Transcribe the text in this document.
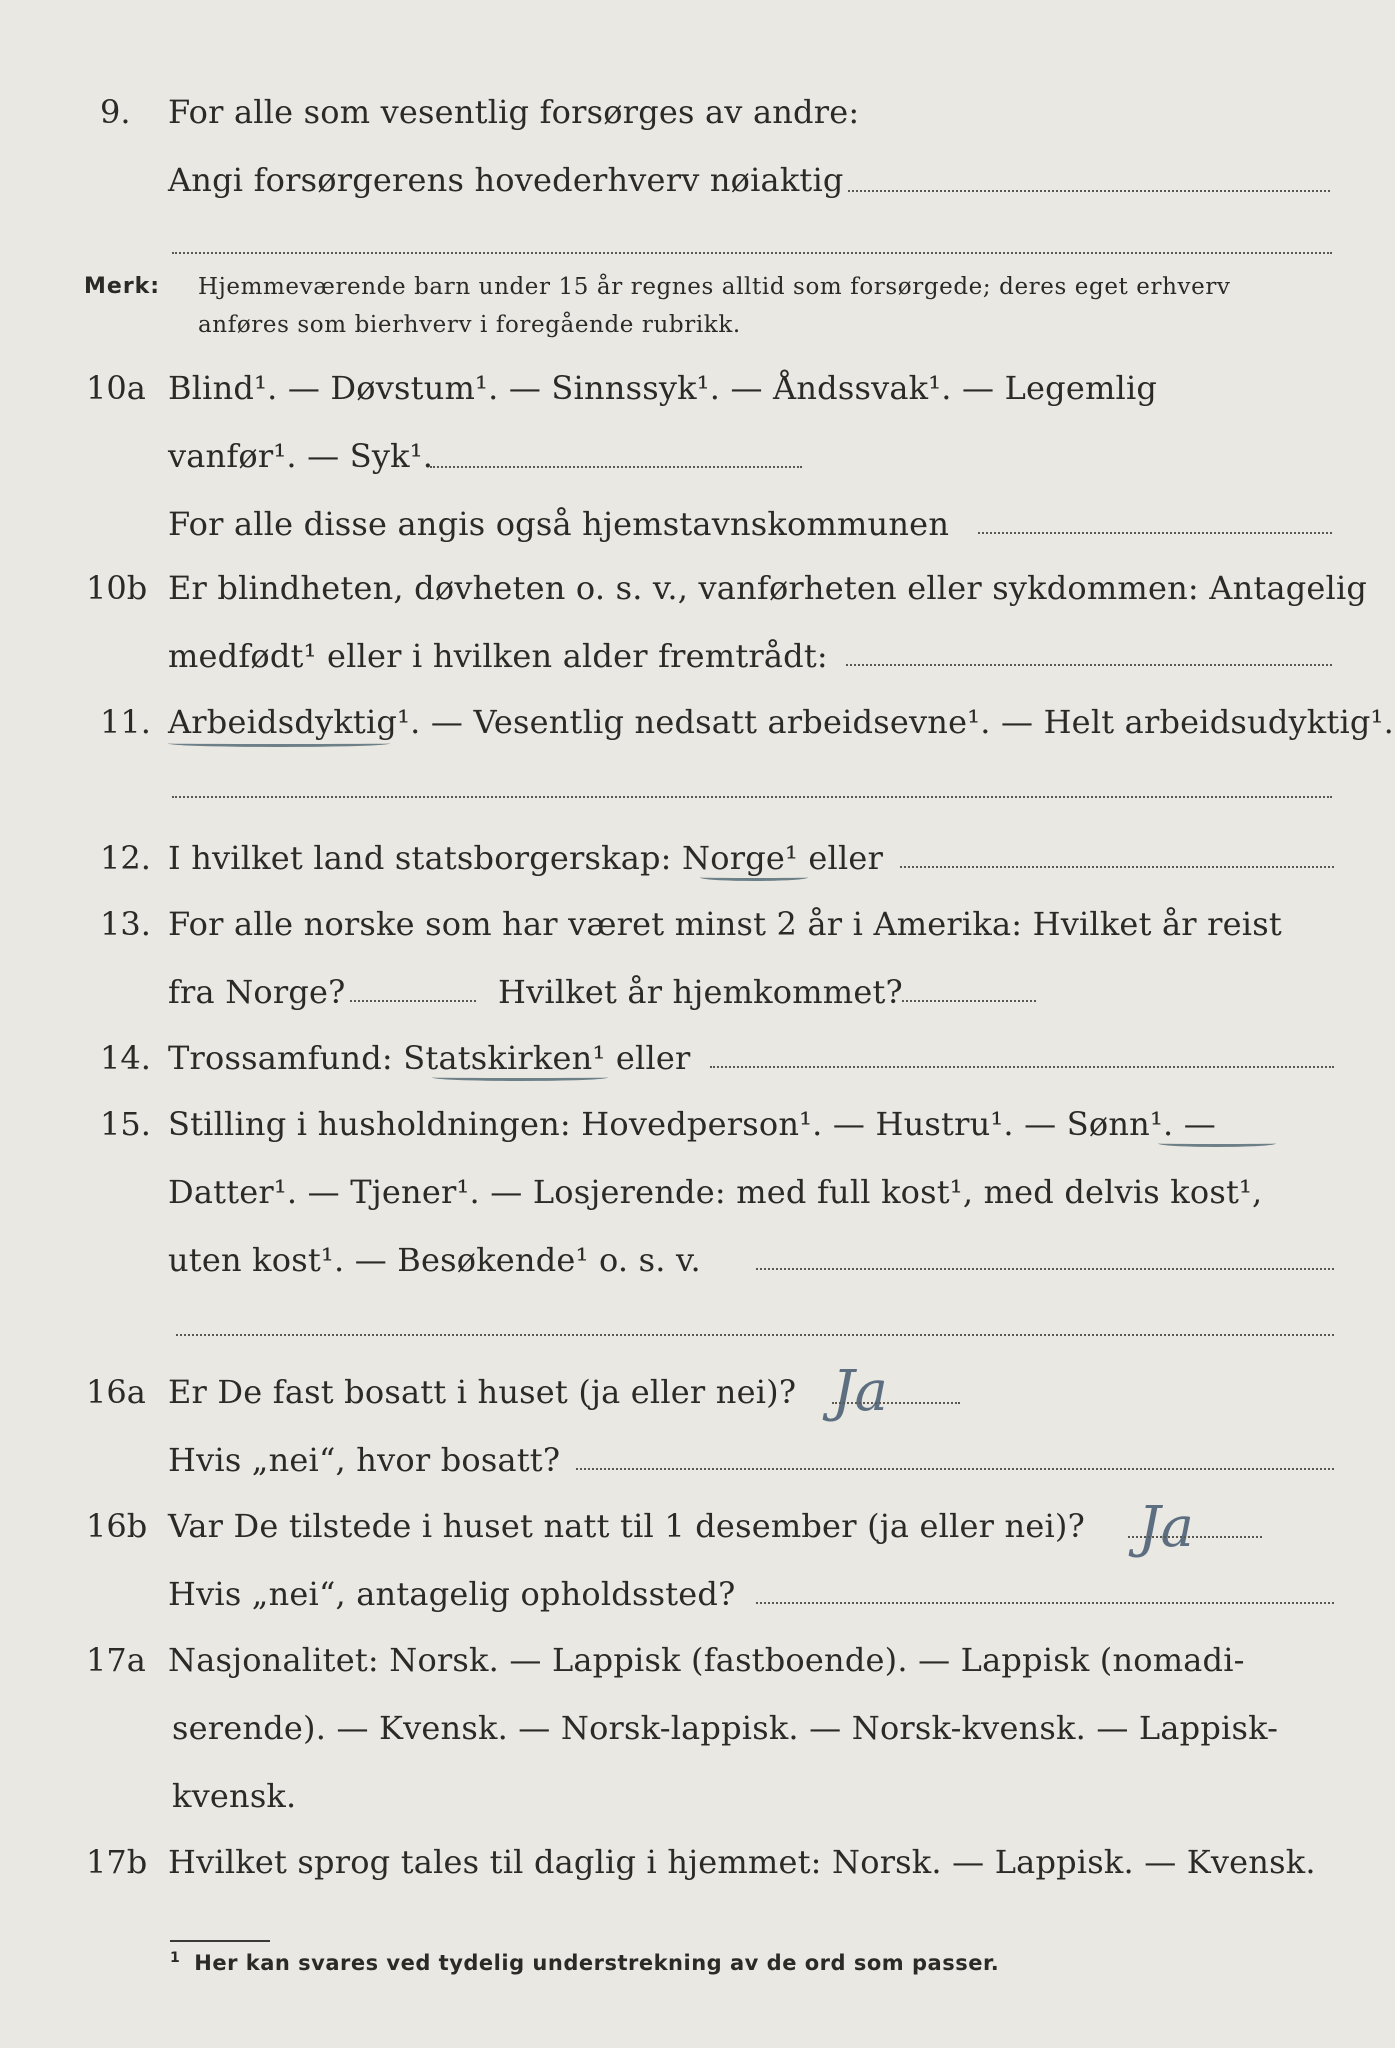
9. For alle som vesentlig forsørges av andre:
Angi forsørgerens hovederhverv nøiaktig
Merk: Hjemmeværende barn under 15 år regnes alltid som forsørgede; deres eget erhverv
anføres som bierhverv i foregående rubrikk.
10a Blind¹. — Døvstum¹. — Sinnssyk¹. — Åndssvak¹. — Legemlig
vanfør¹. — Syk¹.
For alle disse angis også hjemstavnskommunen
10b Er blindheten, døvheten o. s. v., vanførheten eller sykdommen: Antagelig
medfødt¹ eller i hvilken alder fremtrådt:
11. Arbeidsdyktig¹. — Vesentlig nedsatt arbeidsevne¹. — Helt arbeidsudyktig¹.
12. I hvilket land statsborgerskap: Norge¹ eller
13. For alle norske som har været minst 2 år i Amerika: Hvilket år reist
fra Norge?	Hvilket år hjemkommet?
14. Trossamfund: Statskirken¹ eller
15. Stilling i husholdningen: Hovedperson¹. — Hustru¹. — Sønn¹. —
Datter¹. — Tjener¹. — Losjerende: med full kost¹, med delvis kost¹,
uten kost¹. — Besøkende¹ o. s. v.
16a Er De fast bosatt i huset (ja eller nei)? Ja
Hvis „nei“, hvor bosatt?
16b Var De tilstede i huset natt til 1 desember (ja eller nei)? Ja
Hvis „nei“, antagelig opholdssted?
17a Nasjonalitet: Norsk. — Lappisk (fastboende). — Lappisk (nomadi-
serende). — Kvensk. — Norsk-lappisk. — Norsk-kvensk. — Lappisk-
kvensk.
17b Hvilket sprog tales til daglig i hjemmet: Norsk. — Lappisk. — Kvensk.
$^1$ Her kan svares ved tydelig understrekning av de ord som passer.
